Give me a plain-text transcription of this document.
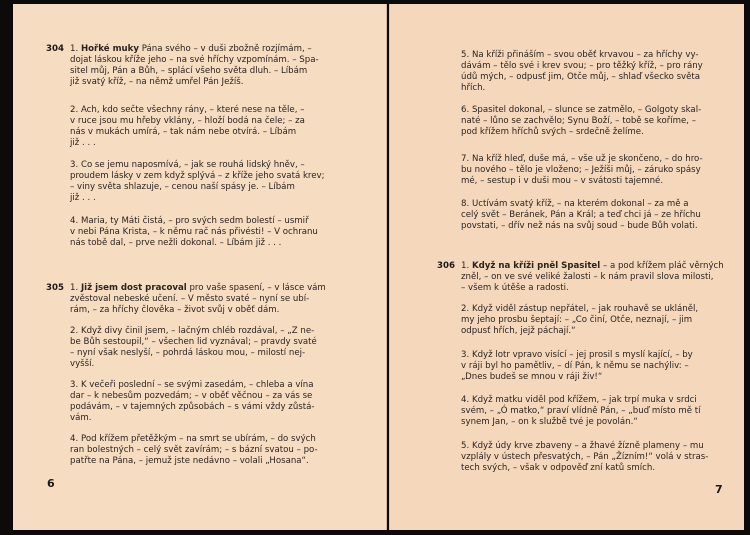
304 1. Hořké muky Pána svého – v duši zbožně rozjímám, –

dojat láskou kříže jeho – na své hříchy vzpomínám. – Spa-

sitel můj, Pán a Bůh, – splácí všeho světa dluh. – Líbám

již svatý kříž, – na němž umřel Pán Ježíš.

2. Ach, kdo sečte všechny rány, – které nese na těle, –

v ruce jsou mu hřeby vklány, – hloží bodá na čele; – za

nás v mukách umírá, – tak nám nebe otvírá. – Líbám

již . . .

3. Co se jemu naposmívá, – jak se rouhá lidský hněv, –

proudem lásky v zem když splývá – z kříže jeho svatá krev;

– viny světa shlazuje, – cenou naší spásy je. – Líbám

již . . .

4. Maria, ty Máti čistá, – pro svých sedm bolestí – usmiř

v nebi Pána Krista, – k němu rač nás přivésti! – V ochranu

nás tobě dal, – prve nežli dokonal. – Líbám již . . .

305 1. Již jsem dost pracoval pro vaše spasení, – v lásce vám

zvěstoval nebeské učení. – V město svaté – nyní se ubí-

rám, – za hříchy člověka – život svůj v oběť dám.

2. Když divy činil jsem, – lačným chléb rozdával, – „Z ne-

be Bůh sestoupil,“ – všechen lid vyznával; – pravdy svaté

– nyní však neslyší, – pohrdá láskou mou, – milostí nej-

vyšší.

3. K večeři poslední – se svými zasedám, – chleba a vína

dar – k nebesům pozvedám; – v oběť věčnou – za vás se

podávám, – v tajemných způsobách – s vámi vždy zůstá-

vám.

4. Pod křížem přetěžkým – na smrt se ubírám, – do svých

ran bolestných – celý svět zavírám; – s bázní svatou – po-

patřte na Pána, – jemuž jste nedávno – volali „Hosana“.

6

5. Na kříži přináším – svou oběť krvavou – za hříchy vy-

dávám – tělo své i krev svou; – pro těžký kříž, – pro rány

údů mých, – odpusť jim, Otče můj, – shlaď všecko světa

hřích.

6. Spasitel dokonal, – slunce se zatmělo, – Golgoty skal-

naté – lůno se zachvělo; Synu Boží, – tobě se koříme, –

pod křížem hříchů svých – srdečně želíme.

7. Na kříž hleď, duše má, – vše už je skončeno, – do hro-

bu nového – tělo je vloženo; – Ježíši můj, – záruko spásy

mé, – sestup i v duši mou – v svátosti tajemné.

8. Uctívám svatý kříž, – na kterém dokonal – za mě a

celý svět – Beránek, Pán a Král; a teď chci já – ze hříchu

povstati, – dřív než nás na svůj soud – bude Bůh volati.

306 1. Když na kříži pněl Spasitel – a pod křížem pláč věrných

zněl, – on ve své veliké žalosti – k nám pravil slova milosti,

– všem k útěše a radosti.

2. Když viděl zástup nepřátel, – jak rouhavě se ukláněl,

my jeho prosbu šeptají: – „Co činí, Otče, neznají, – jim

odpusť hřích, jejž páchají.“

3. Když lotr vpravo visící – jej prosil s myslí kající, – by

v ráji byl ho pamětliv, – dí Pán, k němu se nachýliv: –

„Dnes budeš se mnou v ráji živ!“

4. Když matku viděl pod křížem, – jak trpí muka v srdci

svém, – „Ó matko,“ praví vlídně Pán, – „buď místo mě tí

synem Jan, – on k službě tvé je povolán.“

5. Když údy krve zbaveny – a žhavé žízně plameny – mu

vzplály v ústech přesvatých, – Pán „Žízním!“ volá v stras-

tech svých, – však v odpověď zní katů smích.

7
